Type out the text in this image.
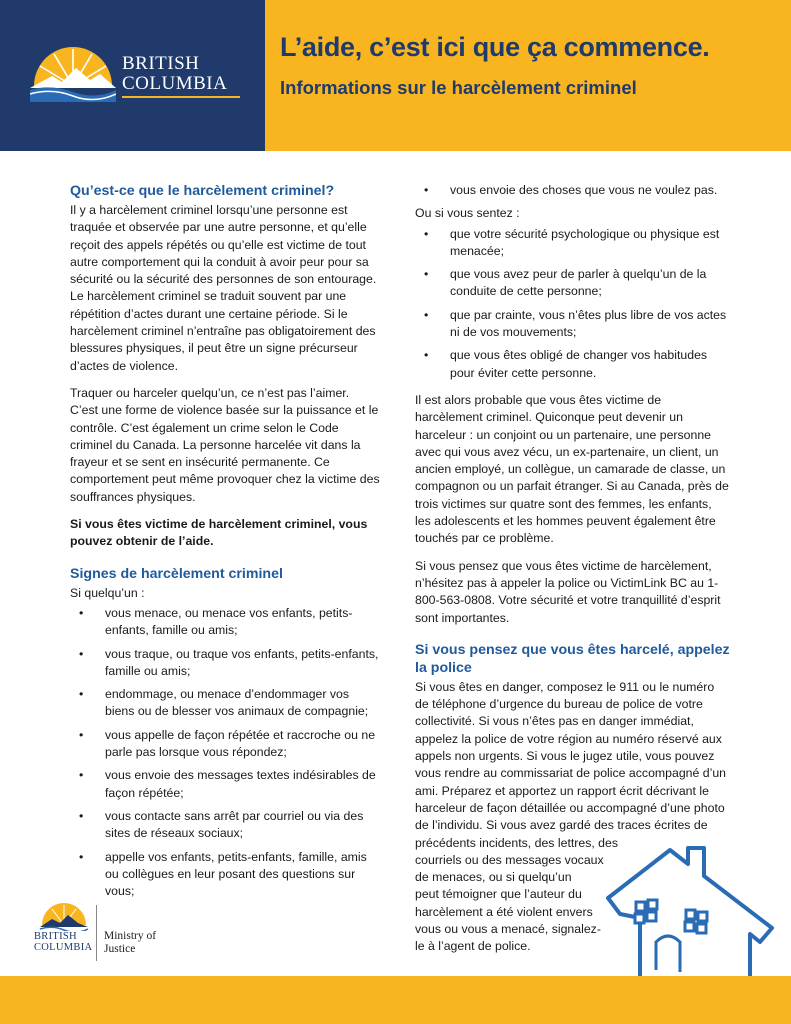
BRITISH
COLUMBIA
L’aide, c’est ici que ça commence.
Informations sur le harcèlement criminel
Qu’est-ce que le harcèlement criminel?

Il y a harcèlement criminel lorsqu’une personne est traquée et observée par une autre personne, et qu’elle reçoit des appels répétés ou qu’elle est victime de tout autre comportement qui la conduit à avoir peur pour sa sécurité ou la sécurité des personnes de son entourage. Le harcèlement criminel se traduit souvent par une répétition d’actes durant une certaine période. Si le harcèlement criminel n’entraîne pas obligatoirement des blessures physiques, il peut être un signe précurseur d’actes de violence.

Traquer ou harceler quelqu’un, ce n’est pas l’aimer. C’est une forme de violence basée sur la puissance et le contrôle. C’est également un crime selon le Code criminel du Canada. La personne harcelée vit dans la frayeur et se sent en insécurité permanente. Ce comportement peut même provoquer chez la victime des souffrances physiques.

Si vous êtes victime de harcèlement criminel, vous pouvez obtenir de l’aide.

Signes de harcèlement criminel

Si quelqu’un :

• vous menace, ou menace vos enfants, petits-enfants, famille ou amis;
• vous traque, ou traque vos enfants, petits-enfants, famille ou amis;
• endommage, ou menace d’endommager vos biens ou de blesser vos animaux de compagnie;
• vous appelle de façon répétée et raccroche ou ne parle pas lorsque vous répondez;
• vous envoie des messages textes indésirables de façon répétée;
• vous contacte sans arrêt par courriel ou via des sites de réseaux sociaux;
• appelle vos enfants, petits-enfants, famille, amis ou collègues en leur posant des questions sur vous;
• vous envoie des choses que vous ne voulez pas.

Ou si vous sentez :

• que votre sécurité psychologique ou physique est menacée;
• que vous avez peur de parler à quelqu’un de la conduite de cette personne;
• que par crainte, vous n’êtes plus libre de vos actes ni de vos mouvements;
• que vous êtes obligé de changer vos habitudes pour éviter cette personne.

Il est alors probable que vous êtes victime de harcèlement criminel. Quiconque peut devenir un harceleur : un conjoint ou un partenaire, une personne avec qui vous avez vécu, un ex-partenaire, un client, un ancien employé, un collègue, un camarade de classe, un compagnon ou un parfait étranger. Si au Canada, près de trois victimes sur quatre sont des femmes, les enfants, les adolescents et les hommes peuvent également être touchés par ce problème.

Si vous pensez que vous êtes victime de harcèlement, n’hésitez pas à appeler la police ou VictimLink BC au 1-800-563-0808. Votre sécurité et votre tranquillité d’esprit sont importantes.

Si vous pensez que vous êtes harcelé, appelez la police

Si vous êtes en danger, composez le 911 ou le numéro de téléphone d’urgence du bureau de police de votre collectivité. Si vous n’êtes pas en danger immédiat, appelez la police de votre région au numéro réservé aux appels non urgents. Si vous le jugez utile, vous pouvez vous rendre au commissariat de police accompagné d’un ami. Préparez et apportez un rapport écrit décrivant le harceleur de façon détaillée ou accompagné d’une photo de l’individu. Si vous avez gardé des traces écrites de précédents incidents, des lettres, des

courriels ou des messages vocaux
de menaces, ou si quelqu’un
peut témoigner que l’auteur du
harcèlement a été violent envers
vous ou vous a menacé, signalez-
le à l’agent de police.
BRITISH
COLUMBIA
Ministry of
Justice
